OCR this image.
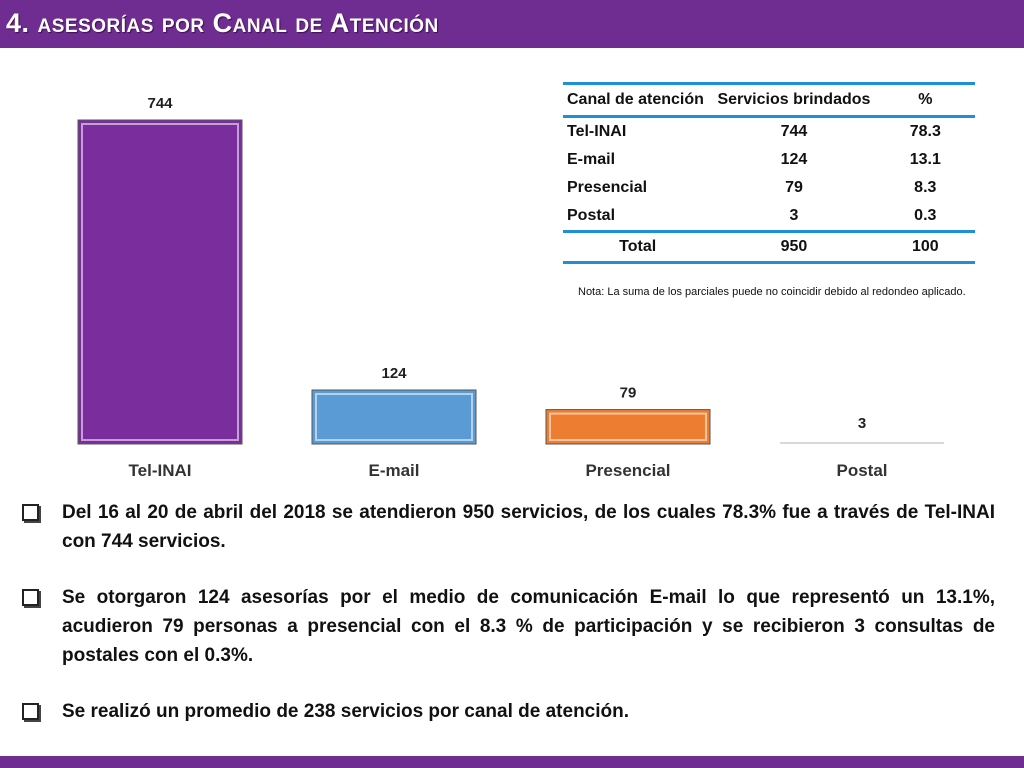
4. asesorías por Canal de Atención
744
Tel-INAI
124
E-mail
79
Presencial
3
Postal
Canal de atención	Servicios brindados	%
Tel-INAI	744	78.3
E-mail	124	13.1
Presencial	79	8.3
Postal	3	0.3
Total	950	100
Nota: La suma de los parciales puede no coincidir debido al redondeo aplicado.
Del 16 al 20 de abril del 2018 se atendieron 950 servicios, de los cuales 78.3% fue a través de Tel-INAI con 744 servicios.
Se otorgaron 124 asesorías por el medio de comunicación E-mail lo que representó un 13.1%, acudieron 79 personas a presencial con el 8.3 % de participación y se recibieron 3 consultas de postales con el 0.3%.
Se realizó un promedio de 238 servicios por canal de atención.
